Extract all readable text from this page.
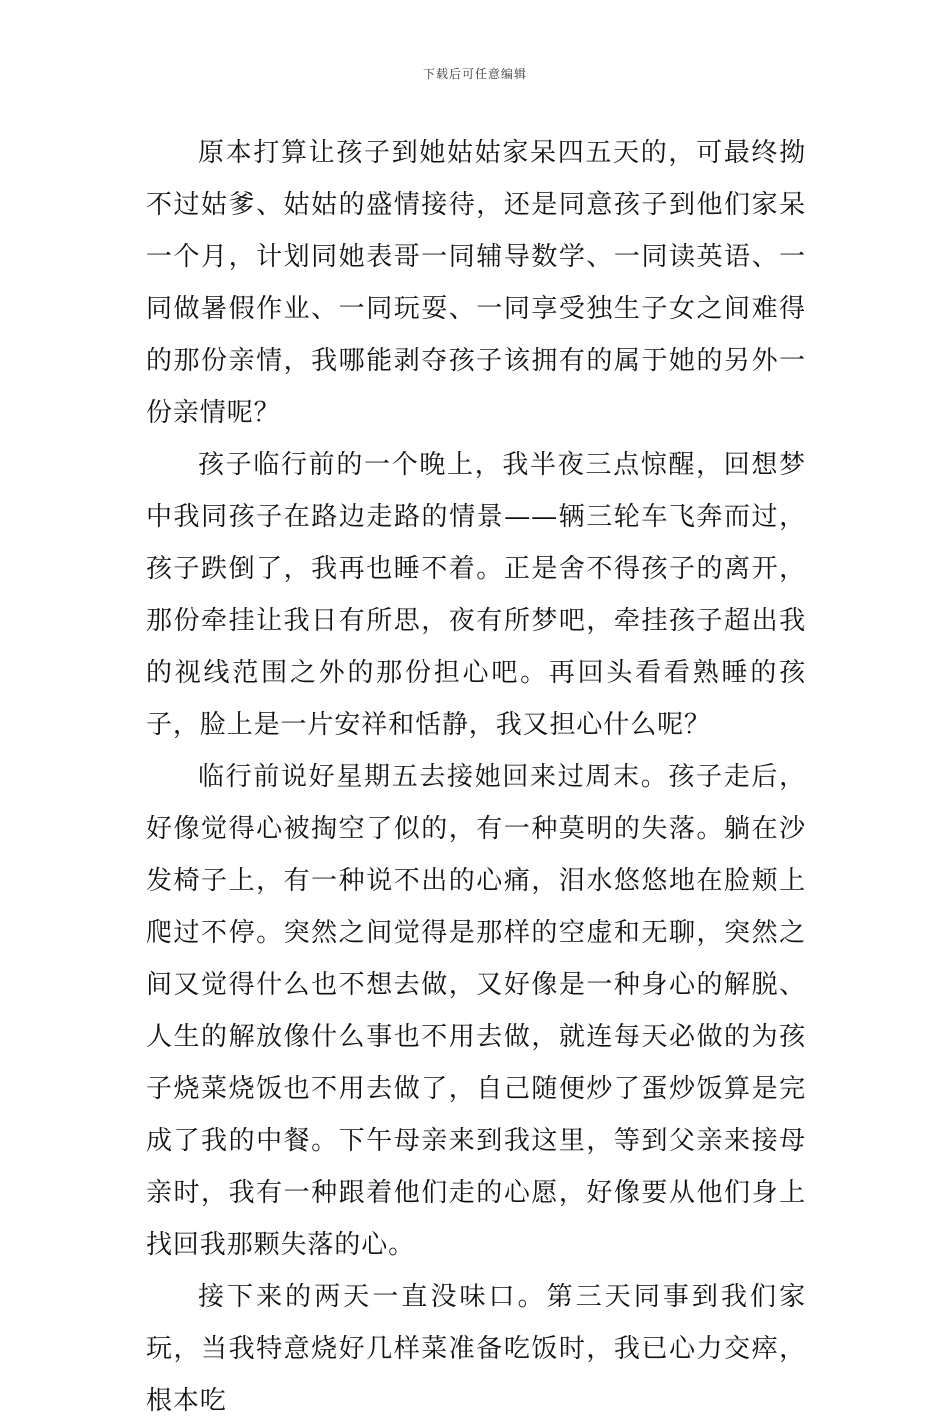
下载后可任意编辑

原本打算让孩子到她姑姑家呆四五天的，可最终拗不过姑爹、姑姑的盛情接待，还是同意孩子到他们家呆一个月，计划同她表哥一同辅导数学、一同读英语、一同做暑假作业、一同玩耍、一同享受独生子女之间难得的那份亲情，我哪能剥夺孩子该拥有的属于她的另外一份亲情呢？

孩子临行前的一个晚上，我半夜三点惊醒，回想梦中我同孩子在路边走路的情景——辆三轮车飞奔而过，孩子跌倒了，我再也睡不着。正是舍不得孩子的离开，那份牵挂让我日有所思，夜有所梦吧，牵挂孩子超出我的视线范围之外的那份担心吧。再回头看看熟睡的孩子，脸上是一片安祥和恬静，我又担心什么呢？

临行前说好星期五去接她回来过周末。孩子走后，好像觉得心被掏空了似的，有一种莫明的失落。躺在沙发椅子上，有一种说不出的心痛，泪水悠悠地在脸颊上爬过不停。突然之间觉得是那样的空虚和无聊，突然之间又觉得什么也不想去做，又好像是一种身心的解脱、人生的解放像什么事也不用去做，就连每天必做的为孩子烧菜烧饭也不用去做了，自己随便炒了蛋炒饭算是完成了我的中餐。下午母亲来到我这里，等到父亲来接母亲时，我有一种跟着他们走的心愿，好像要从他们身上找回我那颗失落的心。

接下来的两天一直没味口。第三天同事到我们家玩，当我特意烧好几样菜准备吃饭时，我已心力交瘁，根本吃
